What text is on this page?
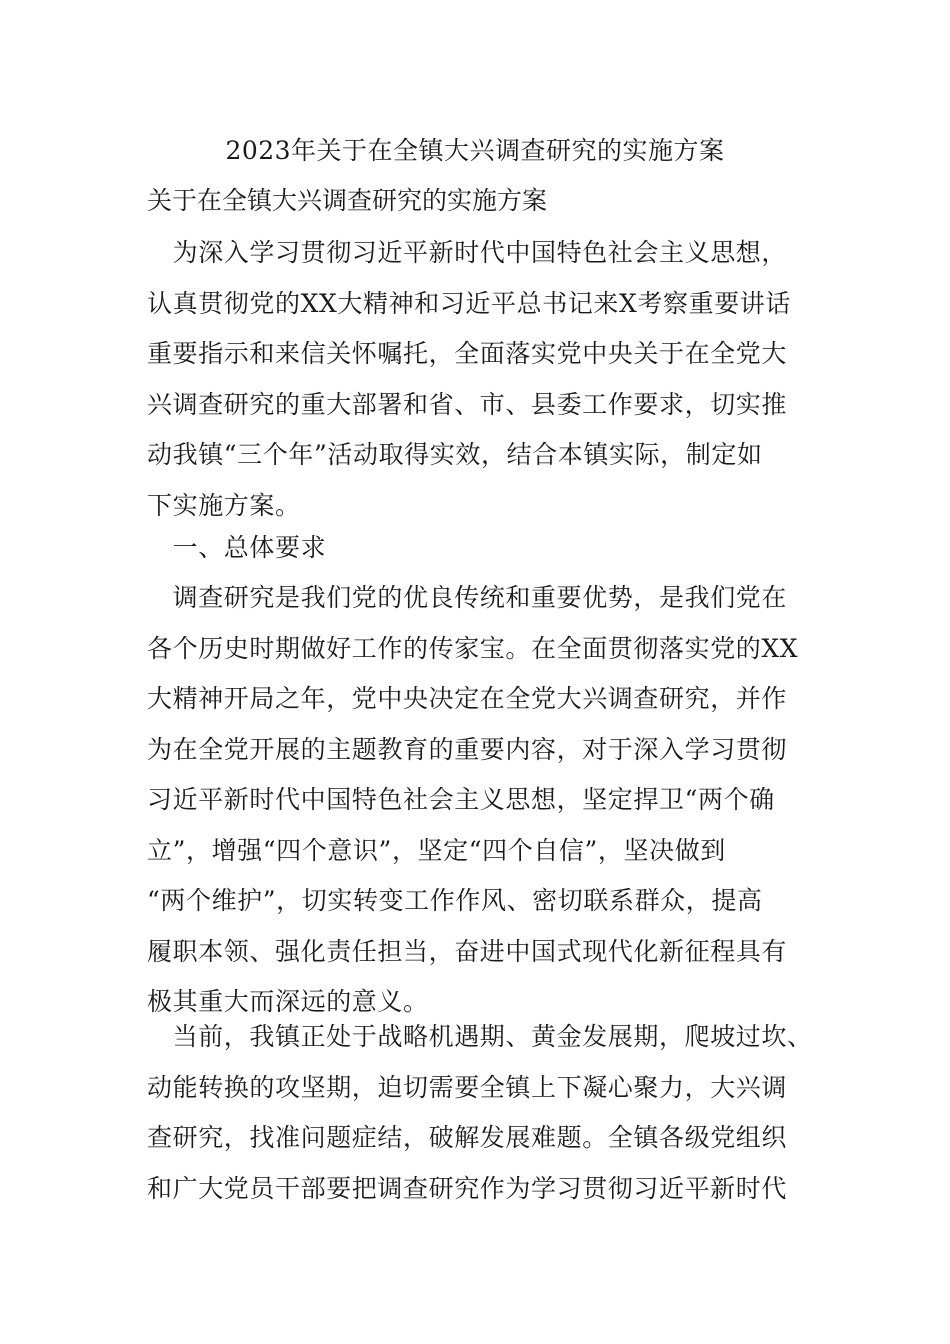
2023年关于在全镇大兴调查研究的实施方案
关于在全镇大兴调查研究的实施方案

　为深入学习贯彻习近平新时代中国特色社会主义思想，
认真贯彻党的XX大精神和习近平总书记来X考察重要讲话
重要指示和来信关怀嘱托，全面落实党中央关于在全党大
兴调查研究的重大部署和省、市、县委工作要求，切实推
动我镇“三个年”活动取得实效，结合本镇实际，制定如
下实施方案。

　一、总体要求

　调查研究是我们党的优良传统和重要优势，是我们党在
各个历史时期做好工作的传家宝。在全面贯彻落实党的XX
大精神开局之年，党中央决定在全党大兴调查研究，并作
为在全党开展的主题教育的重要内容，对于深入学习贯彻
习近平新时代中国特色社会主义思想，坚定捍卫“两个确
立”，增强“四个意识”，坚定“四个自信”，坚决做到
“两个维护”，切实转变工作作风、密切联系群众，提高
履职本领、强化责任担当，奋进中国式现代化新征程具有
极其重大而深远的意义。

　当前，我镇正处于战略机遇期、黄金发展期，爬坡过坎、
动能转换的攻坚期，迫切需要全镇上下凝心聚力，大兴调
查研究，找准问题症结，破解发展难题。全镇各级党组织
和广大党员干部要把调查研究作为学习贯彻习近平新时代
